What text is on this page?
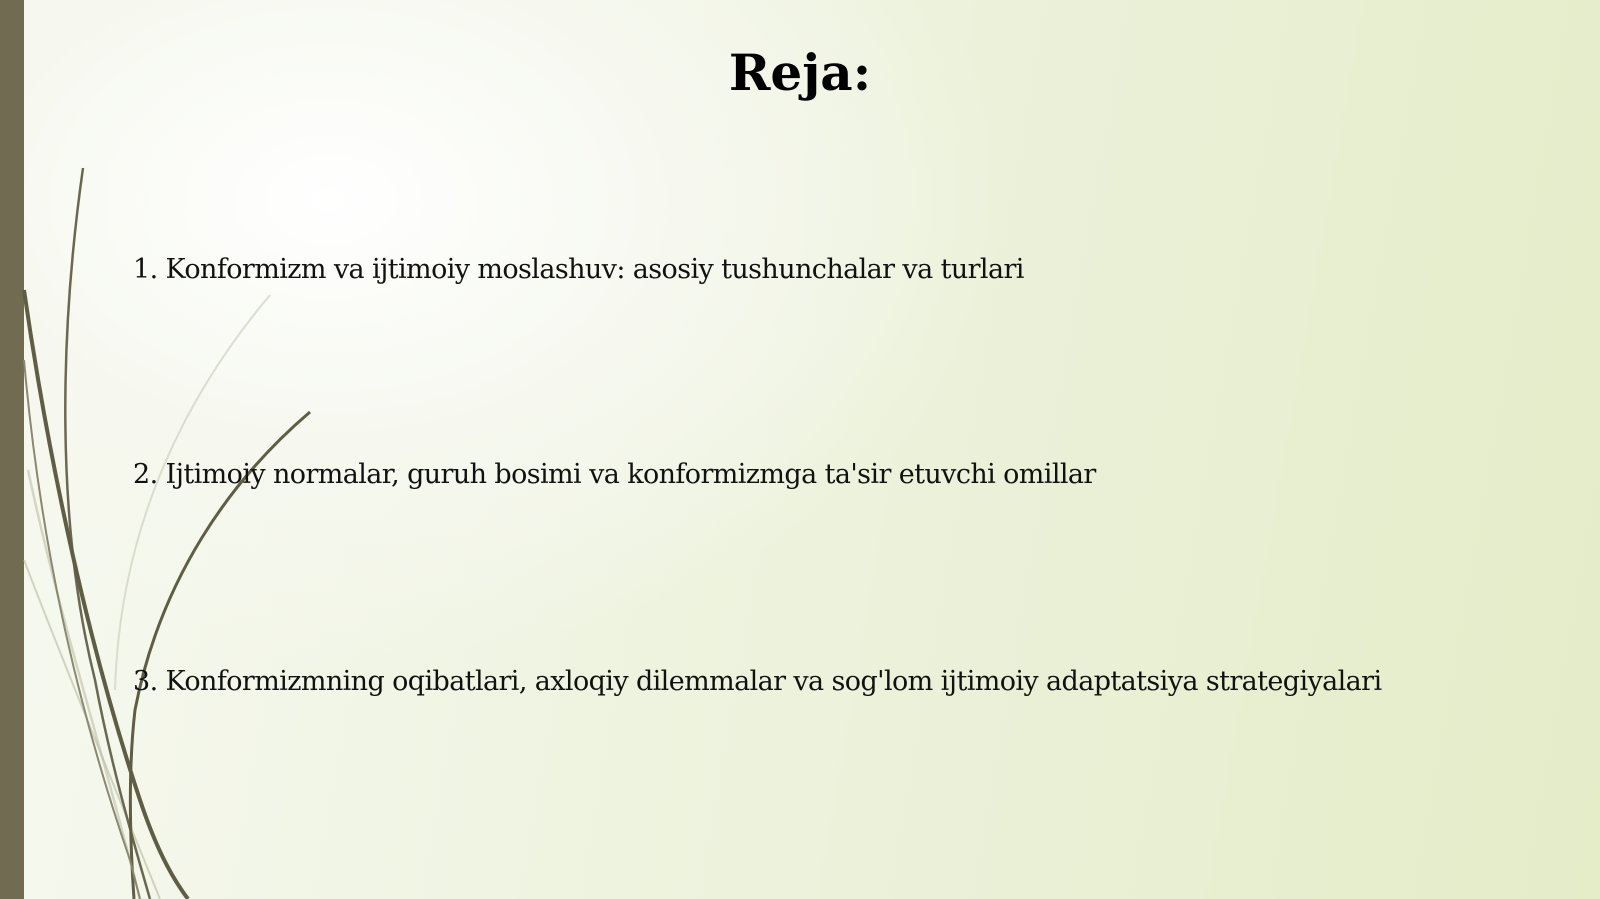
Reja:
1. Konformizm va ijtimoiy moslashuv: asosiy tushunchalar va turlari
2. Ijtimoiy normalar, guruh bosimi va konformizmga ta'sir etuvchi omillar
3. Konformizmning oqibatlari, axloqiy dilemmalar va sog'lom ijtimoiy adaptatsiya strategiyalari
